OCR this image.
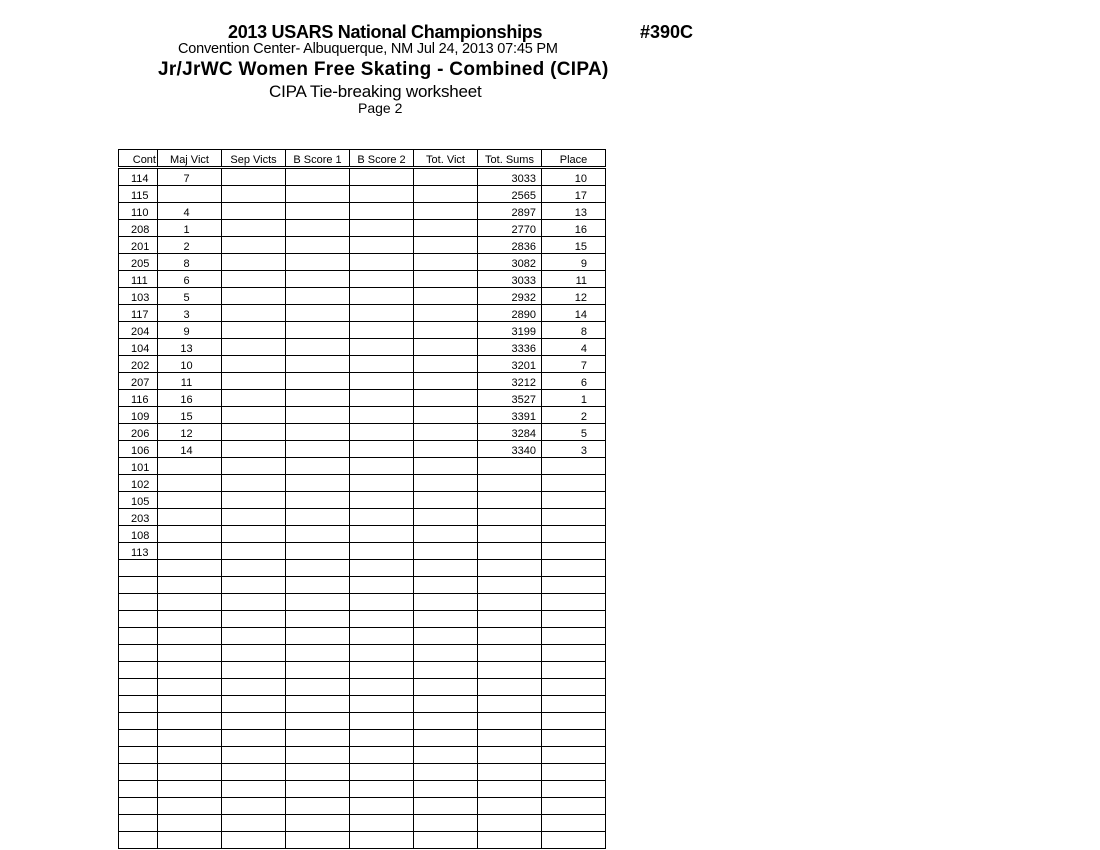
2013 USARS National Championships	#390C
Convention Center- Albuquerque, NM Jul 24, 2013 07:45 PM
Jr/JrWC Women Free Skating - Combined (CIPA)
CIPA Tie-breaking worksheet
Page 2
Cont	Maj Vict	Sep Victs	B Score 1	B Score 2	Tot. Vict	Tot. Sums	Place
114	7					3033	10
115						2565	17
110	4					2897	13
208	1					2770	16
201	2					2836	15
205	8					3082	9
111	6					3033	11
103	5					2932	12
117	3					2890	14
204	9					3199	8
104	13					3336	4
202	10					3201	7
207	11					3212	6
116	16					3527	1
109	15					3391	2
206	12					3284	5
106	14					3340	3
101							
102							
105							
203							
108							
113							
